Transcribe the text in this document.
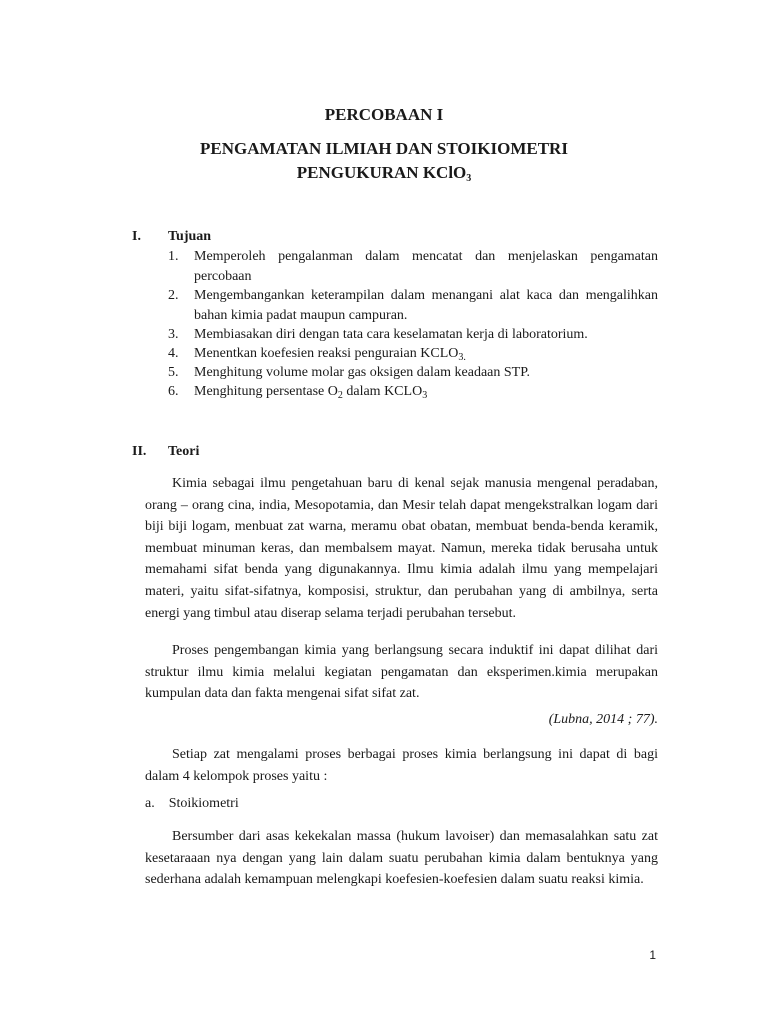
PERCOBAAN I
PENGAMATAN ILMIAH DAN STOIKIOMETRI
PENGUKURAN KClO$_3$
I. Tujuan
1.	Memperoleh pengalanman dalam mencatat dan menjelaskan pengamatan percobaan
2.	Mengembangankan keterampilan dalam menangani alat kaca dan mengalihkan bahan kimia padat maupun campuran.
3.	Membiasakan diri dengan tata cara keselamatan kerja di laboratorium.
4.	Menentkan koefesien reaksi penguraian $KCLO_{3.}$
5.	Menghitung volume molar gas oksigen dalam keadaan STP.
6.	Menghitung persentase $O_2$ dalam $KCLO_3$
II. Teori
Kimia sebagai ilmu pengetahuan baru di kenal sejak manusia mengenal peradaban, orang – orang cina, india, Mesopotamia, dan Mesir telah dapat mengekstralkan logam dari biji biji logam, menbuat zat warna, meramu obat obatan, membuat benda-benda keramik, membuat minuman keras, dan membalsem mayat. Namun, mereka tidak berusaha untuk memahami sifat benda yang digunakannya. Ilmu kimia adalah ilmu yang mempelajari materi, yaitu sifat-sifatnya, komposisi, struktur, dan perubahan yang di ambilnya, serta energi yang timbul atau diserap selama terjadi perubahan tersebut.
Proses pengembangan kimia yang berlangsung secara induktif ini dapat dilihat dari struktur ilmu kimia melalui kegiatan pengamatan dan eksperimen.kimia merupakan kumpulan data dan fakta mengenai sifat sifat zat.
(Lubna, 2014 ; 77).
Setiap zat mengalami proses berbagai proses kimia berlangsung ini dapat di bagi dalam 4 kelompok proses yaitu :
a. Stoikiometri
Bersumber dari asas kekekalan massa (hukum lavoiser) dan memasalahkan satu zat kesetaraaan nya dengan yang lain dalam suatu perubahan kimia dalam bentuknya yang sederhana adalah kemampuan melengkapi koefesien-koefesien dalam suatu reaksi kimia.
1
